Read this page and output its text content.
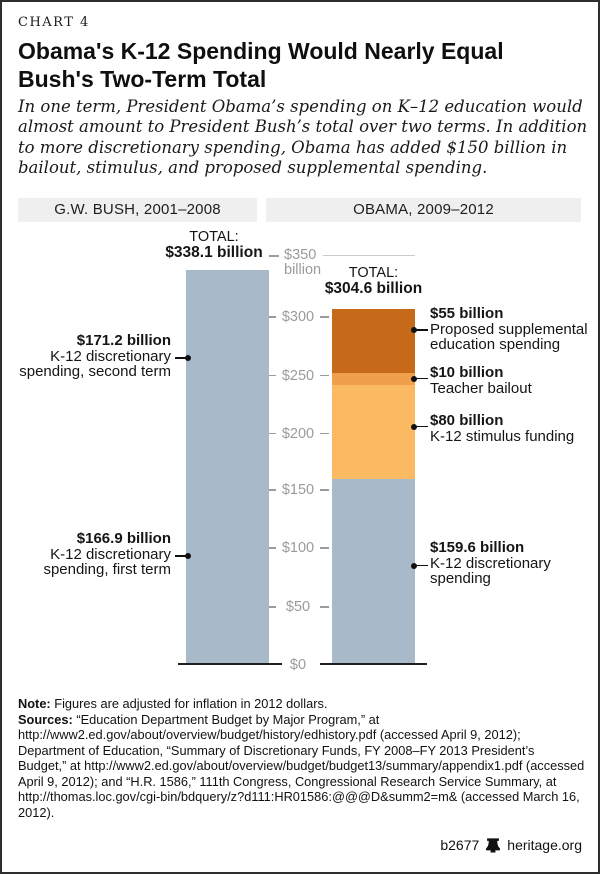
CHART 4
Obama's K-12 Spending Would Nearly Equal Bush's Two-Term Total

In one term, President Obama’s spending on K–12 education would almost amount to President Bush’s total over two terms. In addition to more discretionary spending, Obama has added $150 billion in bailout, stimulus, and proposed supplemental spending.

G.W. BUSH, 2001–2008	OBAMA, 2009–2012
TOTAL:
$338.1 billion
TOTAL:
$304.6 billion
$350
billion
$300
$250
$200
$150
$100
$50
$0
$171.2 billion
K-12 discretionary
spending, second term
$166.9 billion
K-12 discretionary
spending, first term
$55 billion
Proposed supplemental
education spending
$10 billion
Teacher bailout
$80 billion
K-12 stimulus funding
$159.6 billion
K-12 discretionary
spending

Note: Figures are adjusted for inflation in 2012 dollars.

Sources: “Education Department Budget by Major Program,” at http://www2.ed.gov/about/overview/budget/history/edhistory.pdf (accessed April 9, 2012); Department of Education, “Summary of Discretionary Funds, FY 2008–FY 2013 President’s Budget,” at http://www2.ed.gov/about/overview/budget/budget13/summary/appendix1.pdf (accessed April 9, 2012); and “H.R. 1586,” 111th Congress, Congressional Research Service Summary, at http://thomas.loc.gov/cgi-bin/bdquery/z?d111:HR01586:@@@D&summ2=m& (accessed March 16, 2012).

b2677 heritage.org
